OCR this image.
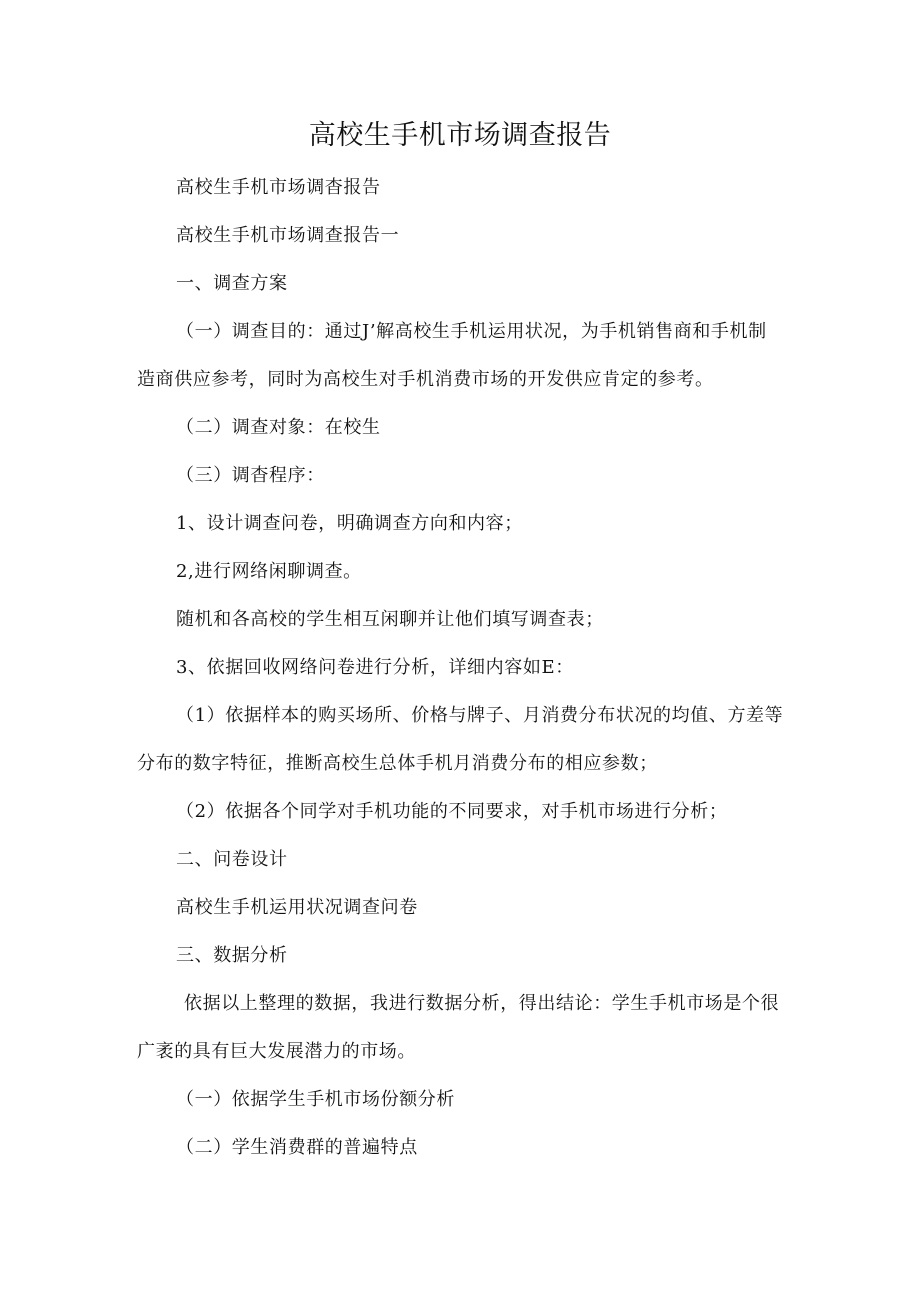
高校生手机市场调查报告
高校生手机市场调杳报告
高校生手机市场调查报告一
一、调查方案
（一）调查目的：通过J’解高校生手机运用状况，为手机销售商和手机制
造商供应参考，同时为高校生对手机消费市场的开发供应肯定的参考。
（二）调查对象：在校生
（三）调杳程序：
1、设计调查问卷，明确调查方向和内容；
2,进行网络闲聊调查。
随机和各高校的学生相互闲聊并让他们填写调查表；
3、依据回收网络问卷进行分析，详细内容如E：
（1）依据样本的购买场所、价格与牌子、月消费分布状况的均值、方差等
分布的数字特征，推断高校生总体手机月消费分布的相应参数；
（2）依据各个同学对手机功能的不同要求，对手机市场进行分析；
二、问卷设计
高校生手机运用状况调查问卷
三、数据分析
依据以上整理的数据，我进行数据分析，得出结论：学生手机市场是个很
广袤的具有巨大发展潜力的市场。
（一）依据学生手机市场份额分析
（二）学生消费群的普遍特点
